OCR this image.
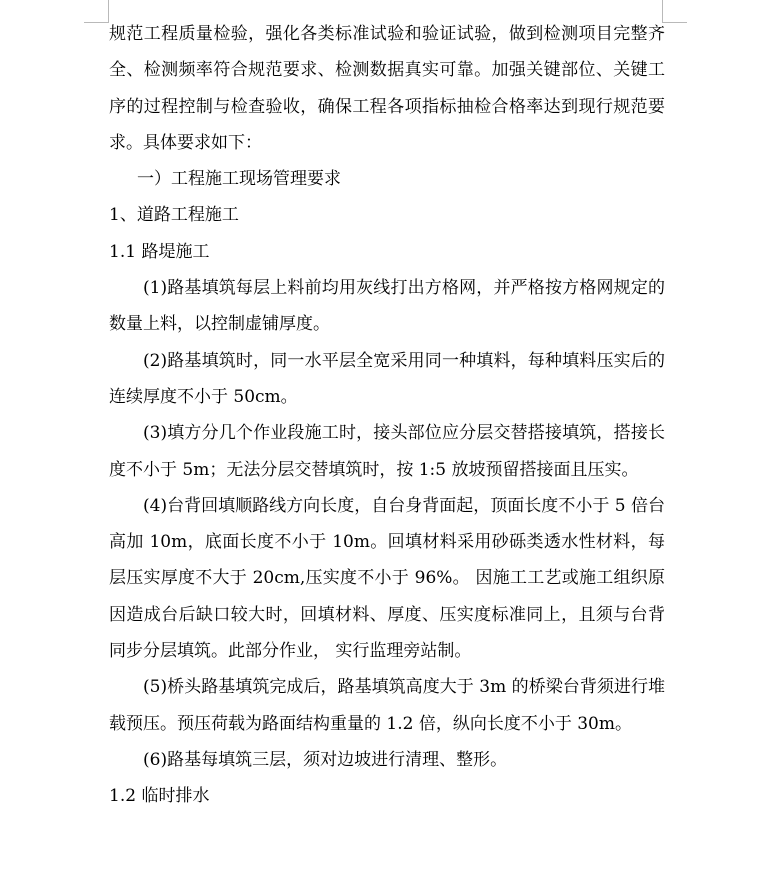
规范工程质量检验，强化各类标准试验和验证试验，做到检测项目完整齐全、检测频率符合规范要求、检测数据真实可靠。加强关键部位、关键工序的过程控制与检查验收，确保工程各项指标抽检合格率达到现行规范要求。具体要求如下：

一）工程施工现场管理要求

1、道路工程施工

1.1 路堤施工

(1)路基填筑每层上料前均用灰线打出方格网，并严格按方格网规定的数量上料，以控制虚铺厚度。

(2)路基填筑时，同一水平层全宽采用同一种填料，每种填料压实后的连续厚度不小于 50cm。

(3)填方分几个作业段施工时，接头部位应分层交替搭接填筑，搭接长度不小于 5m；无法分层交替填筑时，按 1:5 放坡预留搭接面且压实。

(4)台背回填顺路线方向长度，自台身背面起，顶面长度不小于 5 倍台高加 10m，底面长度不小于 10m。回填材料采用砂砾类透水性材料，每层压实厚度不大于 20cm,压实度不小于 96%。 因施工工艺或施工组织原因造成台后缺口较大时，回填材料、厚度、压实度标准同上，且须与台背同步分层填筑。此部分作业， 实行监理旁站制。

(5)桥头路基填筑完成后，路基填筑高度大于 3m 的桥梁台背须进行堆载预压。预压荷载为路面结构重量的 1.2 倍，纵向长度不小于 30m。

(6)路基每填筑三层，须对边坡进行清理、整形。

1.2 临时排水
